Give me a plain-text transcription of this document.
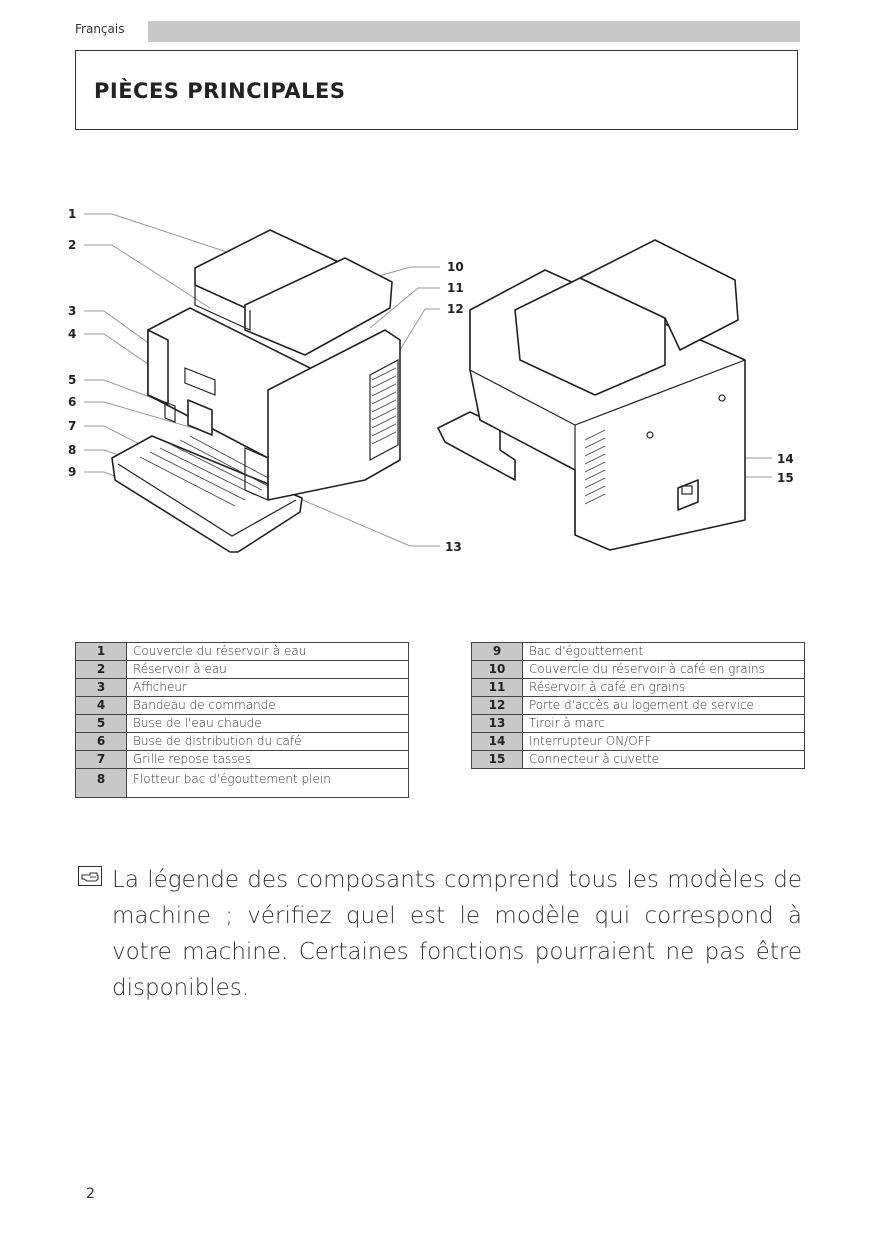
Français
PIÈCES PRINCIPALES
1
2
3
4
5
6
7
8
9
10
11
12
13
14
15
1	Couvercle du réservoir à eau
2	Réservoir à eau
3	Afficheur
4	Bandeau de commande
5	Buse de l'eau chaude
6	Buse de distribution du café
7	Grille repose tasses
8	Flotteur bac d'égouttement plein
9	Bac d'égouttement
10	Couvercle du réservoir à café en grains
11	Réservoir à café en grains
12	Porte d'accès au logement de service
13	Tiroir à marc
14	Interrupteur ON/OFF
15	Connecteur à cuvette

La légende des composants comprend tous les modèles de machine ; vérifiez quel est le modèle qui correspond à votre machine. Certaines fonctions pourraient ne pas être disponibles.

2
